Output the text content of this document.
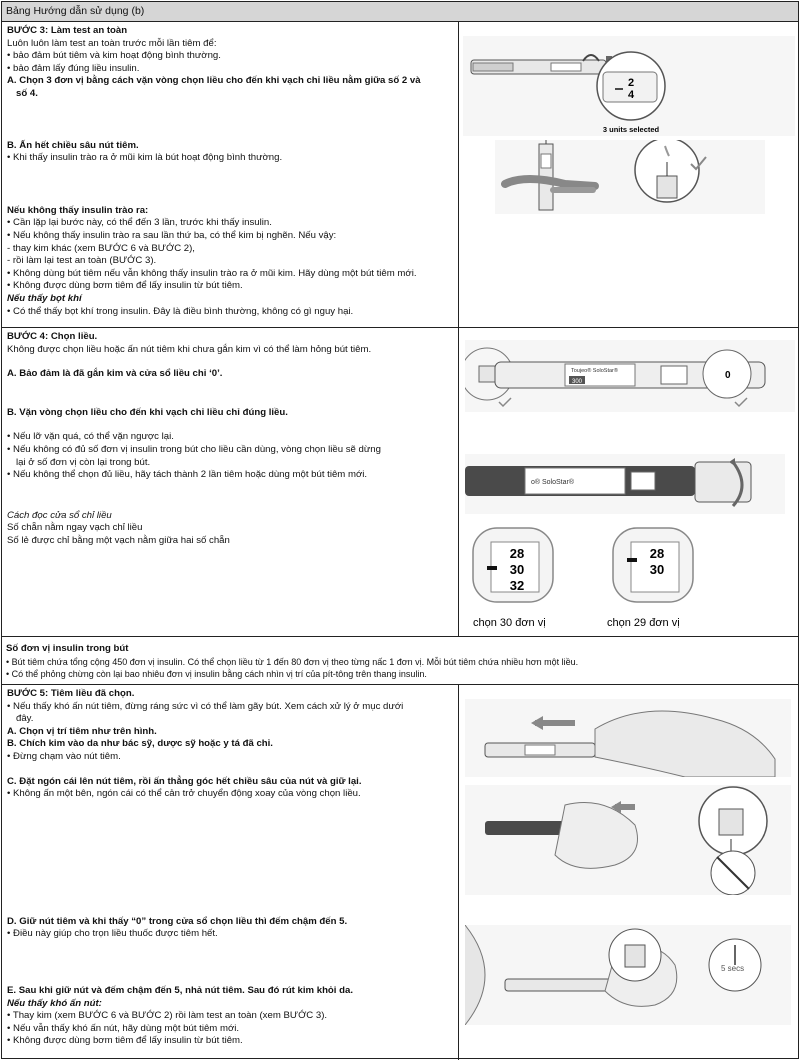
Bảng Hướng dẫn sử dụng (b)
BƯỚC 3: Làm test an toàn
Luôn luôn làm test an toàn trước mỗi lần tiêm để:
• bảo đảm bút tiêm và kim hoạt động bình thường.
• bảo đảm lấy đúng liều insulin.
A. Chọn 3 đơn vị bằng cách vặn vòng chọn liều cho đến khi vạch chỉ liều nằm giữa số 2 và
số 4.
B. Ấn hết chiều sâu nút tiêm.
• Khi thấy insulin trào ra ở mũi kim là bút hoạt động bình thường.
Nếu không thấy insulin trào ra:
• Cần lặp lại bước này, có thể đến 3 lần, trước khi thấy insulin.
• Nếu không thấy insulin trào ra sau lần thứ ba, có thể kim bị nghẽn. Nếu vậy:
- thay kim khác (xem BƯỚC 6 và BƯỚC 2),
- rồi làm lại test an toàn (BƯỚC 3).
• Không dùng bút tiêm nếu vẫn không thấy insulin trào ra ở mũi kim. Hãy dùng một bút tiêm mới.
• Không được dùng bơm tiêm để lấy insulin từ bút tiêm.
Nếu thấy bọt khí
• Có thể thấy bọt khí trong insulin. Đây là điều bình thường, không có gì nguy hại.
2
4
3 units selected
BƯỚC 4: Chọn liều.
Không được chọn liều hoặc ấn nút tiêm khi chưa gắn kim vì có thể làm hỏng bút tiêm.
A. Bảo đảm là đã gắn kim và cửa sổ liều chỉ ‘0’.
B. Vặn vòng chọn liều cho đến khi vạch chỉ liều chỉ đúng liều.
• Nếu lỡ vặn quá, có thể vặn ngược lại.
• Nếu không có đủ số đơn vị insulin trong bút cho liều cần dùng, vòng chọn liều sẽ dừng
lại ở số đơn vị còn lại trong bút.
• Nếu không thể chọn đủ liều, hãy tách thành 2 lần tiêm hoặc dùng một bút tiêm mới.
Cách đọc cửa sổ chỉ liều
Số chẵn nằm ngay vạch chỉ liều
Số lẻ được chỉ bằng một vạch nằm giữa hai số chẵn
Toujeo® SoloStar®
300
0
o® SoloStar®
28
30
32
chọn 30 đơn vị
28
30
chọn 29 đơn vị
Số đơn vị insulin trong bút
• Bút tiêm chứa tổng cộng 450 đơn vị insulin. Có thể chọn liều từ 1 đến 80 đơn vị theo từng nấc 1 đơn vị. Mỗi bút tiêm chứa nhiều hơn một liều.
• Có thể phỏng chừng còn lại bao nhiêu đơn vị insulin bằng cách nhìn vị trí của pít-tông trên thang insulin.
BƯỚC 5: Tiêm liều đã chọn.
• Nếu thấy khó ấn nút tiêm, đừng ráng sức vì có thể làm gãy bút. Xem cách xử lý ở mục dưới
đây.
A. Chọn vị trí tiêm như trên hình.
B. Chích kim vào da như bác sỹ, dược sỹ hoặc y tá đã chỉ.
• Đừng chạm vào nút tiêm.
C. Đặt ngón cái lên nút tiêm, rồi ấn thẳng góc hết chiều sâu của nút và giữ lại.
• Không ấn một bên, ngón cái có thể cản trở chuyển động xoay của vòng chọn liều.
D. Giữ nút tiêm và khi thấy “0” trong cửa sổ chọn liều thì đếm chậm đến 5.
• Điều này giúp cho trọn liều thuốc được tiêm hết.
E. Sau khi giữ nút và đếm chậm đến 5, nhả nút tiêm. Sau đó rút kim khỏi da.
Nếu thấy khó ấn nút:
• Thay kim (xem BƯỚC 6 và BƯỚC 2) rồi làm test an toàn (xem BƯỚC 3).
• Nếu vẫn thấy khó ấn nút, hãy dùng một bút tiêm mới.
• Không được dùng bơm tiêm để lấy insulin từ bút tiêm.
5 secs
